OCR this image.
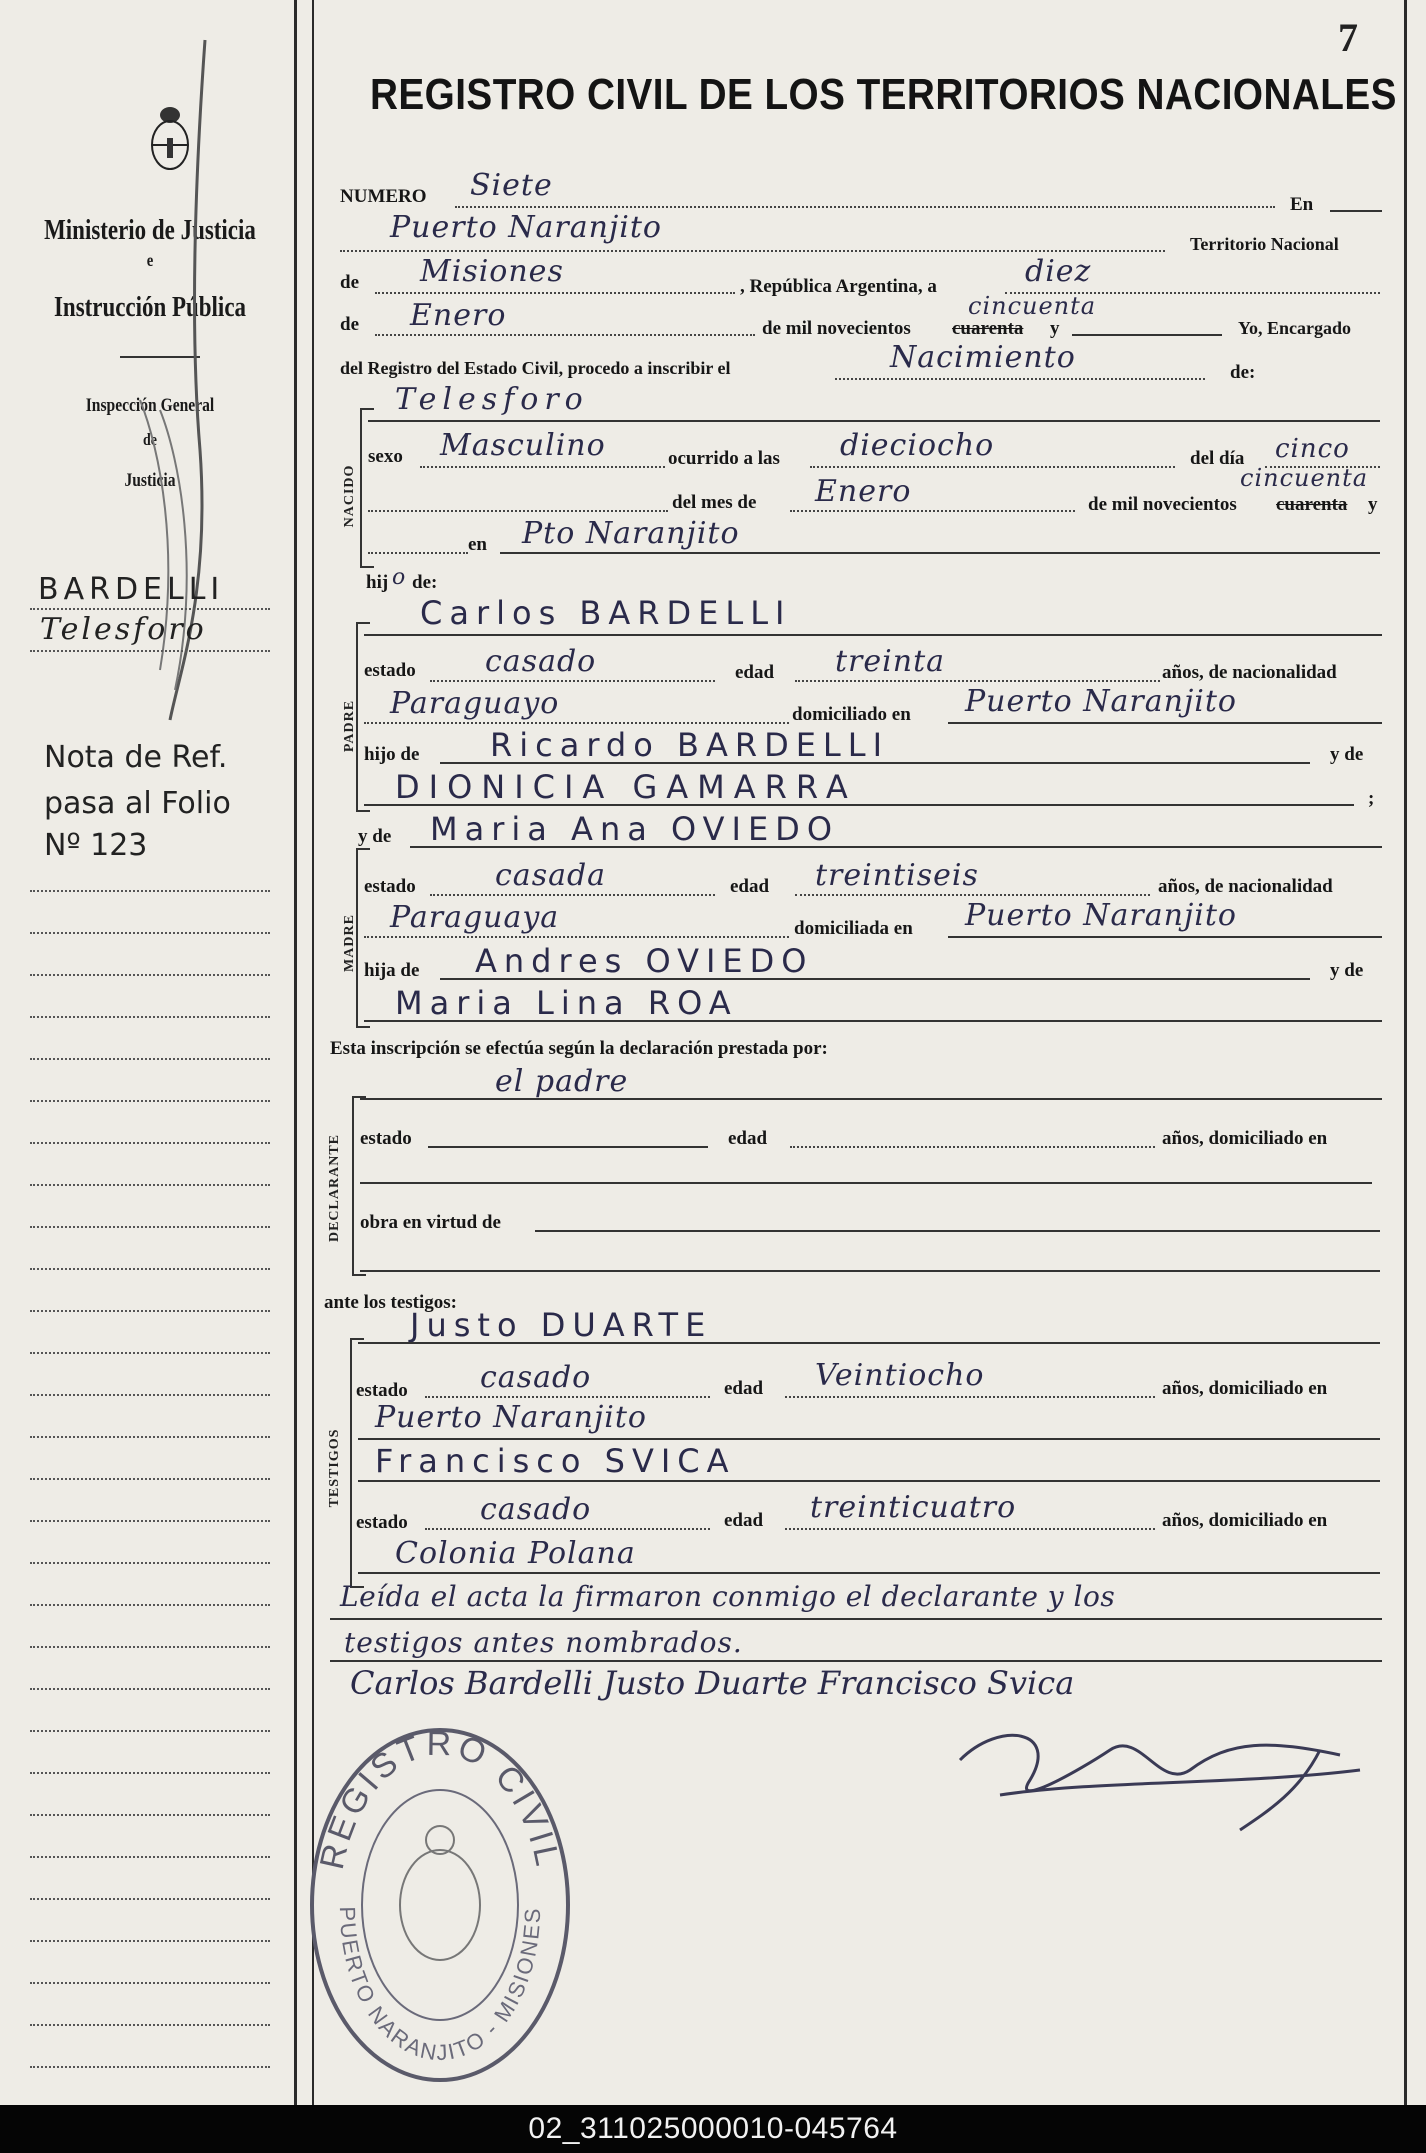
7
REGISTRO CIVIL DE LOS TERRITORIOS NACIONALES
Ministerio de Justicia
e
Instrucción Pública
Inspección General
de
Justicia
BARDELLI
Telesforo
Nota de Ref.
pasa al Folio
Nº 123
NUMERO Siete
En
Puerto Naranjito	Territorio Nacional
de Misiones	, República Argentina, a	diez
cincuenta
de Enero	de mil novecientos cuarenta y	Yo, Encargado
del Registro del Estado Civil, procedo a inscribir el	Nacimiento	de:
NACIDO
Telesforo
sexo Masculino	ocurrido a las dieciocho	del día cinco
cincuenta
del mes de Enero	de mil novecientos cuarenta y
en Pto Naranjito
hij o de:
PADRE
Carlos BARDELLI
estado casado	edad treinta	años, de nacionalidad
Paraguayo	domiciliado en Puerto Naranjito
hijo de Ricardo BARDELLI	y de
DIONICIA GAMARRA	;
y de Maria Ana OVIEDO
MADRE
estado	casada	edad treintiseis	años, de nacionalidad
Paraguaya	domiciliada en Puerto Naranjito
hija de Andres OVIEDO	y de
Maria Lina ROA
Esta inscripción se efectúa según la declaración prestada por:
DECLARANTE
el padre
estado	edad	años, domiciliado en
obra en virtud de
ante los testigos:
TESTIGOS
Justo DUARTE
estado casado	edad Veintiocho	años, domiciliado en
Puerto Naranjito
Francisco SVICA
estado casado	edad treinticuatro	años, domiciliado en
Colonia Polana
Leída el acta la firmaron conmigo el declarante y los
testigos antes nombrados.
Carlos Bardelli Justo Duarte Francisco Svica
REGISTRO CIVIL
PUERTO NARANJITO - MISIONES
02_311025000010-045764
